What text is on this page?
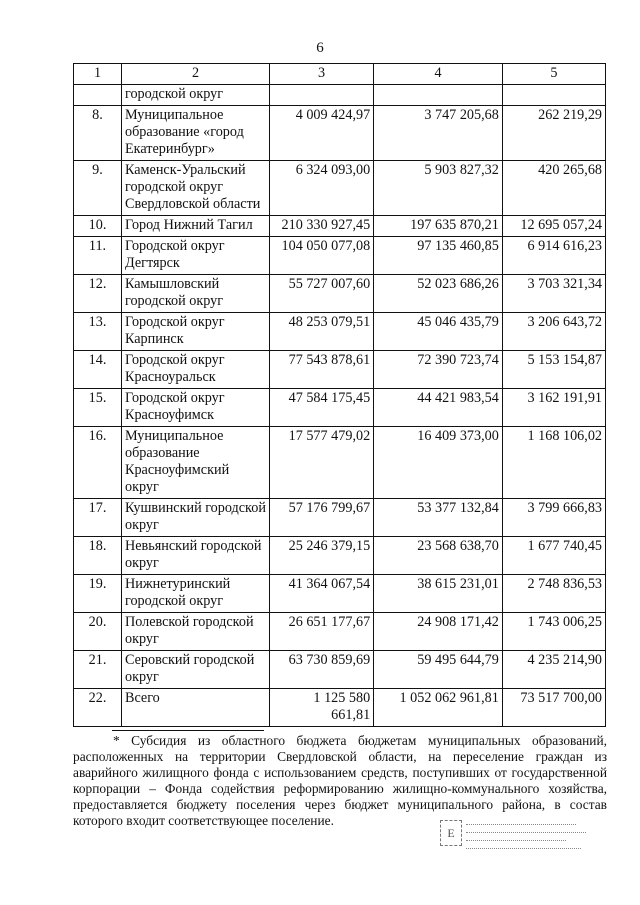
6
1	2	3	4	5
	городской округ			
8.	Муниципальное образование «город Екатеринбург»	4 009 424,97	3 747 205,68	262 219,29
9.	Каменск-Уральский городской округ Свердловской области	6 324 093,00	5 903 827,32	420 265,68
10.	Город Нижний Тагил	210 330 927,45	197 635 870,21	12 695 057,24
11.	Городской округ Дегтярск	104 050 077,08	97 135 460,85	6 914 616,23
12.	Камышловский городской округ	55 727 007,60	52 023 686,26	3 703 321,34
13.	Городской округ Карпинск	48 253 079,51	45 046 435,79	3 206 643,72
14.	Городской округ Красноуральск	77 543 878,61	72 390 723,74	5 153 154,87
15.	Городской округ Красноуфимск	47 584 175,45	44 421 983,54	3 162 191,91
16.	Муниципальное образование Красноуфимский округ	17 577 479,02	16 409 373,00	1 168 106,02
17.	Кушвинский городской округ	57 176 799,67	53 377 132,84	3 799 666,83
18.	Невьянский городской округ	25 246 379,15	23 568 638,70	1 677 740,45
19.	Нижнетуринский городской округ	41 364 067,54	38 615 231,01	2 748 836,53
20.	Полевской городской округ	26 651 177,67	24 908 171,42	1 743 006,25
21.	Серовский городской округ	63 730 859,69	59 495 644,79	4 235 214,90
22.	Всего	1 125 580 661,81	1 052 062 961,81	73 517 700,00
* Субсидия из областного бюджета бюджетам муниципальных образований, расположенных на территории Свердловской области, на переселение граждан из аварийного жилищного фонда с использованием средств, поступивших от государственной корпорации – Фонда содействия реформированию жилищно-коммунального хозяйства, предоставляется бюджету поселения через бюджет муниципального района, в состав которого входит соответствующее поселение.
Е
